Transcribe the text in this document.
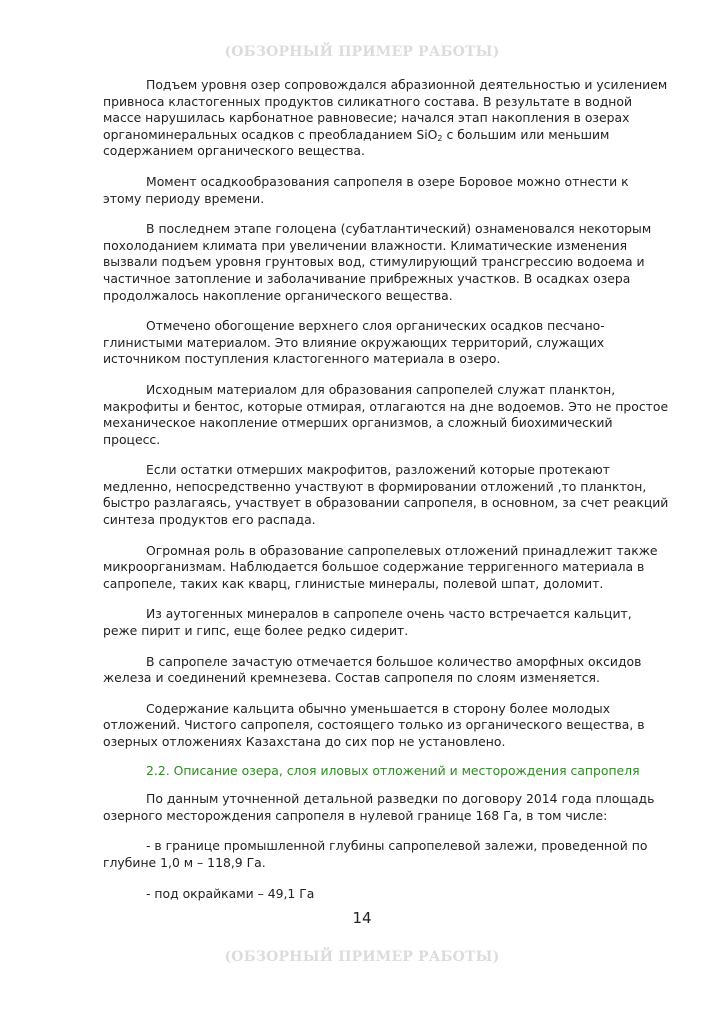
(ОБЗОРНЫЙ ПРИМЕР РАБОТЫ)

Подъем уровня озер сопровождался абразионной деятельностью и усилением привноса кластогенных продуктов силикатного состава. В результате в водной массе нарушилась карбонатное равновесие; начался этап накопления в озерах органоминеральных осадков с преобладанием SiO$_2$ с большим или меньшим содержанием органического вещества.

Момент осадкообразования сапропеля в озере Боровое можно отнести к этому периоду времени.

В последнем этапе голоцена (субатлантический) ознаменовался некоторым похолоданием климата при увеличении влажности. Климатические изменения вызвали подъем уровня грунтовых вод, стимулирующий трансгрессию водоема и частичное затопление и заболачивание прибрежных участков. В осадках озера продолжалось накопление органического вещества.

Отмечено обогощение верхнего слоя органических осадков песчано-глинистыми материалом. Это влияние окружающих территорий, служащих источником поступления кластогенного материала в озеро.

Исходным материалом для образования сапропелей служат планктон, макрофиты и бентос, которые отмирая, отлагаются на дне водоемов. Это не простое механическое накопление отмерших организмов, а сложный биохимический процесс.

Если остатки отмерших макрофитов, разложений которые протекают медленно, непосредственно участвуют в формировании отложений ,то планктон, быстро разлагаясь, участвует в образовании сапропеля, в основном, за счет реакций синтеза продуктов его распада.

Огромная роль в образование сапропелевых отложений принадлежит также микроорганизмам. Наблюдается большое содержание терригенного материала в сапропеле, таких как кварц, глинистые минералы, полевой шпат, доломит.

Из аутогенных минералов в сапропеле очень часто встречается кальцит, реже пирит и гипс, еще более редко сидерит.

В сапропеле зачастую отмечается большое количество аморфных оксидов железа и соединений кремнезева. Состав сапропеля по слоям изменяется.

Содержание кальцита обычно уменьшается в сторону более молодых отложений. Чистого сапропеля, состоящего только из органического вещества, в озерных отложениях Казахстана до сих пор не установлено.

2.2. Описание озера, слоя иловых отложений и месторождения сапропеля

По данным уточненной детальной разведки по договору 2014 года площадь озерного месторождения сапропеля в нулевой границе 168 Га, в том числе:

- в границе промышленной глубины сапропелевой залежи, проведенной по глубине 1,0 м – 118,9 Га.

- под окрайками – 49,1 Га

14
(ОБЗОРНЫЙ ПРИМЕР РАБОТЫ)
